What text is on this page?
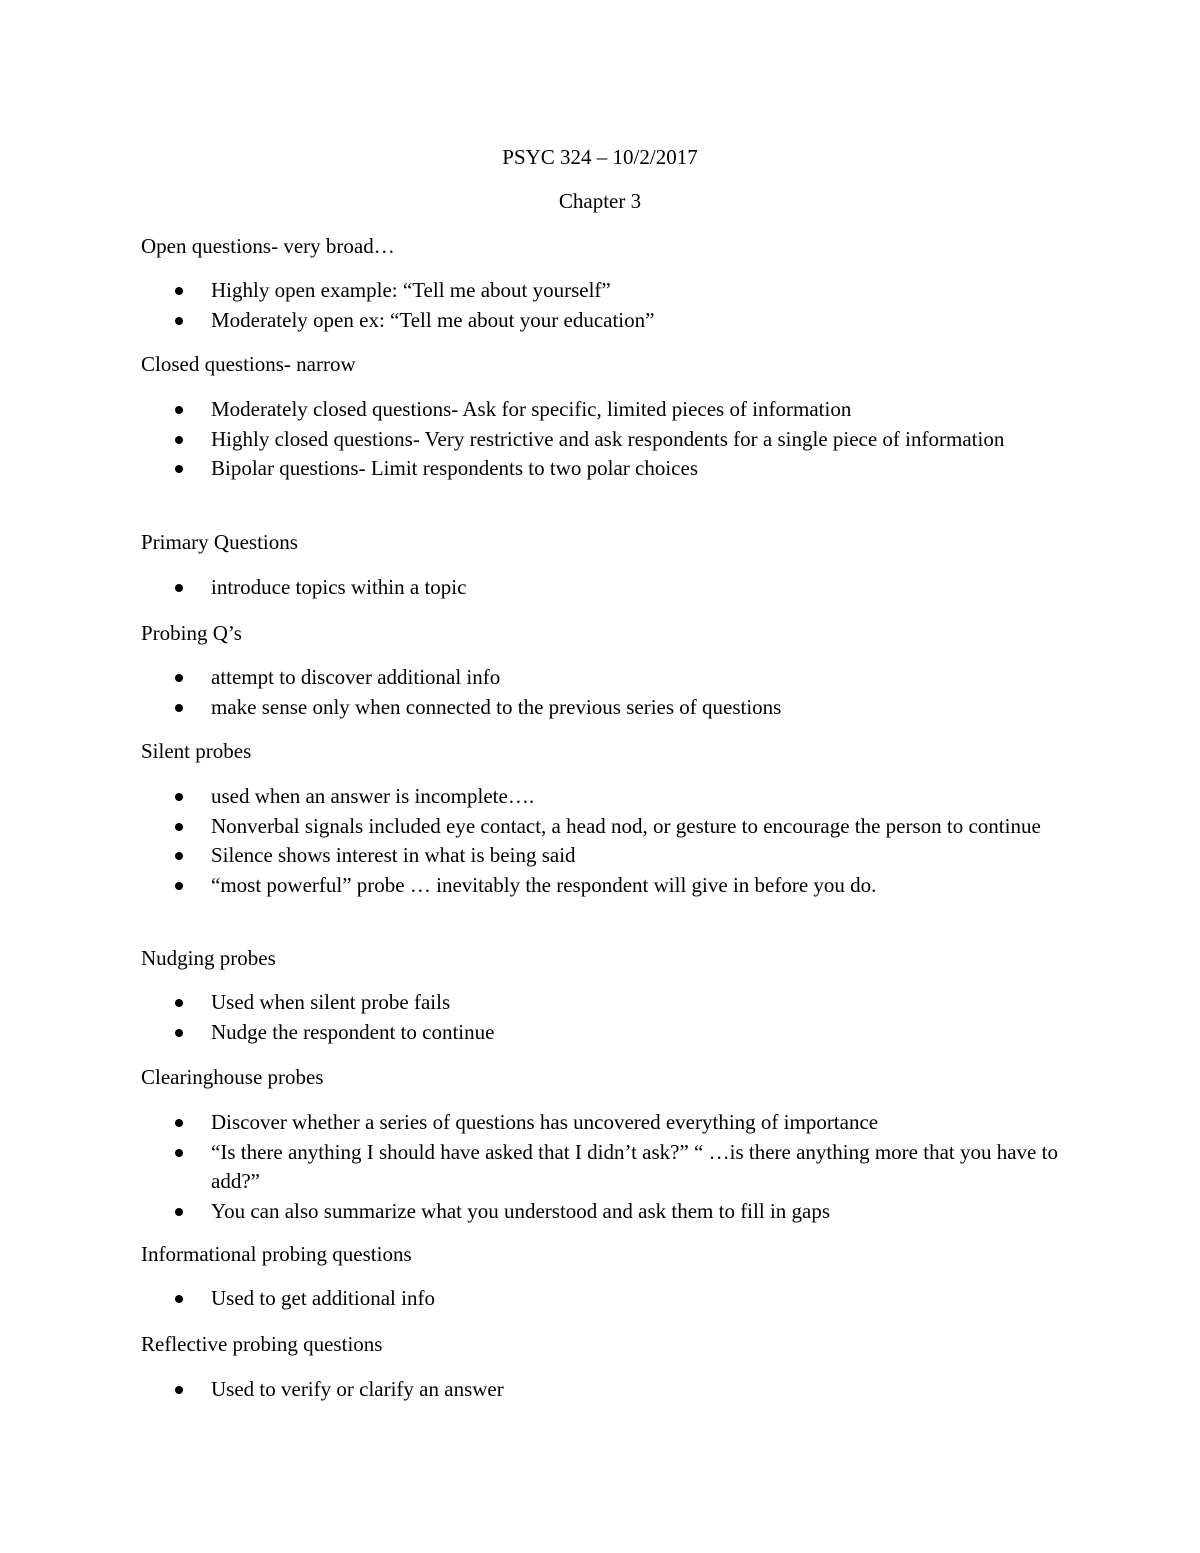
PSYC 324 – 10/2/2017
Chapter 3

Open questions- very broad…

Highly open example: “Tell me about yourself”
Moderately open ex: “Tell me about your education”

Closed questions- narrow

Moderately closed questions- Ask for specific, limited pieces of information
Highly closed questions- Very restrictive and ask respondents for a single piece of information
Bipolar questions- Limit respondents to two polar choices

Primary Questions

introduce topics within a topic

Probing Q’s

attempt to discover additional info
make sense only when connected to the previous series of questions

Silent probes

used when an answer is incomplete….
Nonverbal signals included eye contact, a head nod, or gesture to encourage the person to continue
Silence shows interest in what is being said
“most powerful” probe … inevitably the respondent will give in before you do.

Nudging probes

Used when silent probe fails
Nudge the respondent to continue

Clearinghouse probes

Discover whether a series of questions has uncovered everything of importance
“Is there anything I should have asked that I didn’t ask?” “ …is there anything more that you have to add?”
You can also summarize what you understood and ask them to fill in gaps

Informational probing questions

Used to get additional info

Reflective probing questions

Used to verify or clarify an answer
